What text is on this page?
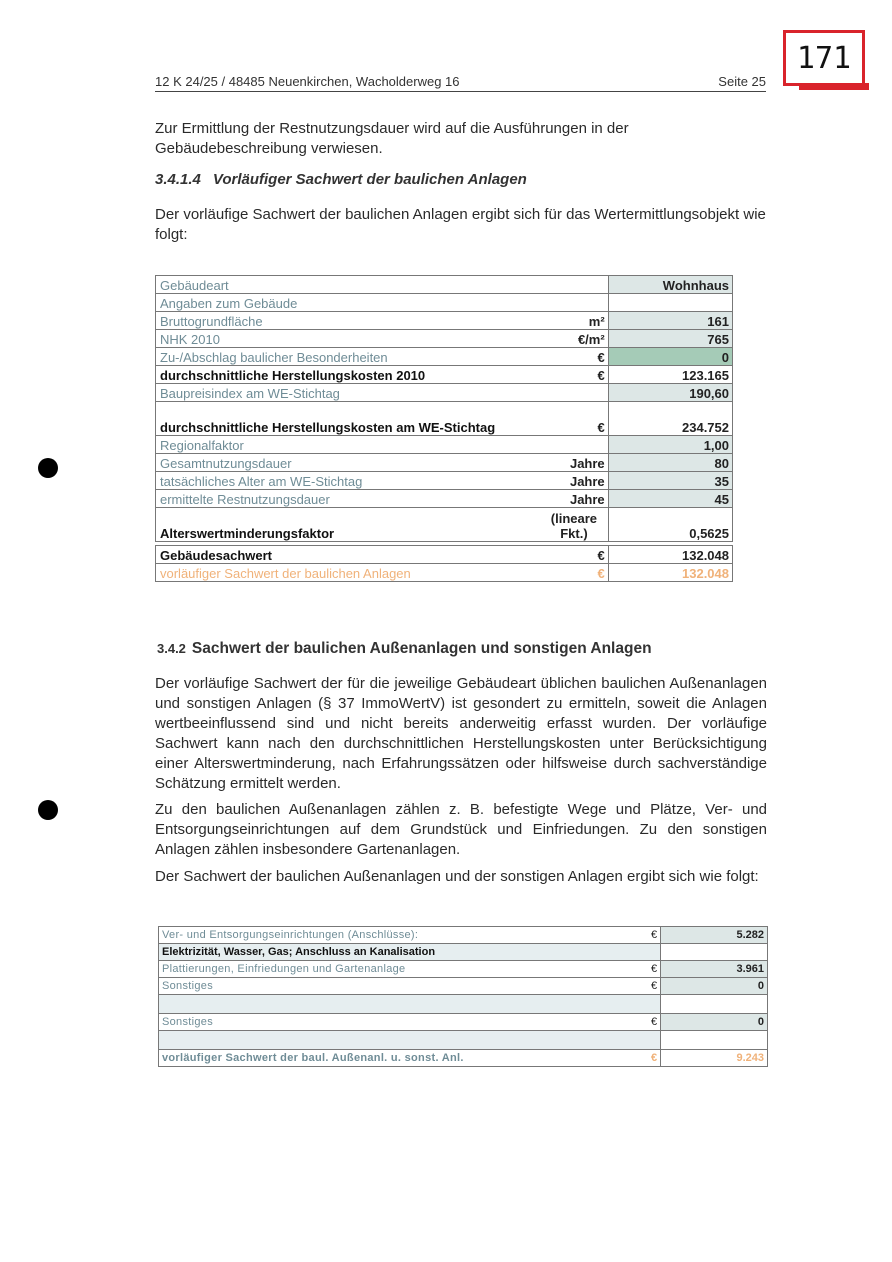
171
12 K 24/25 / 48485 Neuenkirchen, Wacholderweg 16	Seite 25
Zur Ermittlung der Restnutzungsdauer wird auf die Ausführungen in der Gebäudebeschreibung verwiesen.
3.4.1.4 Vorläufiger Sachwert der baulichen Anlagen
Der vorläufige Sachwert der baulichen Anlagen ergibt sich für das Wertermittlungsobjekt wie folgt:
Gebäudeart		Wohnhaus
Angaben zum Gebäude		
Bruttogrundfläche	m²	161
NHK 2010	€/m²	765
Zu-/Abschlag baulicher Besonderheiten	€	0
durchschnittliche Herstellungskosten 2010	€	123.165
Baupreisindex am WE-Stichtag		190,60
durchschnittliche Herstellungskosten am WE-Stichtag	€	234.752
Regionalfaktor		1,00
Gesamtnutzungsdauer	Jahre	80
tatsächliches Alter am WE-Stichtag	Jahre	35
ermittelte Restnutzungsdauer	Jahre	45
Alterswertminderungsfaktor	(lineare Fkt.)	0,5625

Gebäudesachwert	€	132.048
vorläufiger Sachwert der baulichen Anlagen	€	132.048
3.4.2 Sachwert der baulichen Außenanlagen und sonstigen Anlagen
Der vorläufige Sachwert der für die jeweilige Gebäudeart üblichen baulichen Außenanlagen und sonstigen Anlagen (§ 37 ImmoWertV) ist gesondert zu ermitteln, soweit die Anlagen wertbeeinflussend sind und nicht bereits anderweitig erfasst wurden. Der vorläufige Sachwert kann nach den durchschnittlichen Herstellungskosten unter Berücksichtigung einer Alterswertminderung, nach Erfahrungssätzen oder hilfsweise durch sachverständige Schätzung ermittelt werden.
Zu den baulichen Außenanlagen zählen z. B. befestigte Wege und Plätze, Ver- und Entsorgungseinrichtungen auf dem Grundstück und Einfriedungen. Zu den sonstigen Anlagen zählen insbesondere Gartenanlagen.
Der Sachwert der baulichen Außenanlagen und der sonstigen Anlagen ergibt sich wie folgt:
Ver- und Entsorgungseinrichtungen (Anschlüsse):	€	5.282
Elektrizität, Wasser, Gas; Anschluss an Kanalisation		
Plattierungen, Einfriedungen und Gartenanlage	€	3.961
Sonstiges	€	0

Sonstiges	€	0

vorläufiger Sachwert der baul. Außenanl. u. sonst. Anl.	€	9.243
